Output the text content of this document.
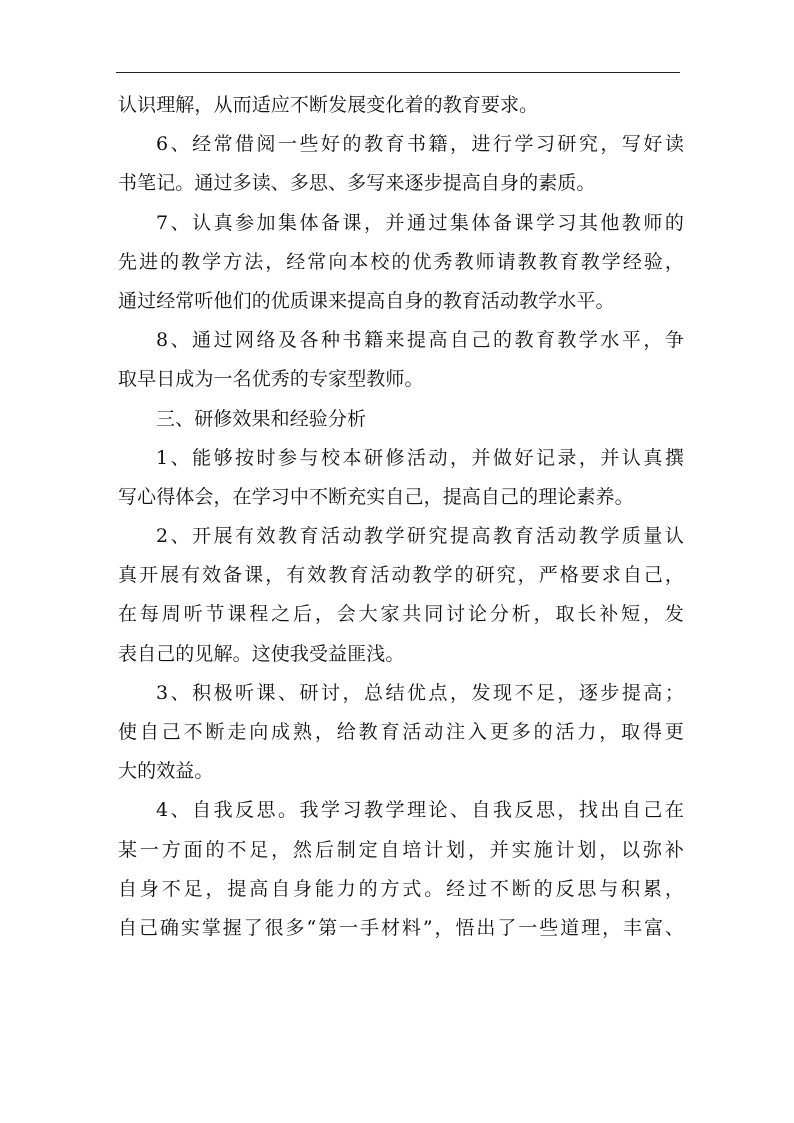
认识理解，从而适应不断发展变化着的教育要求。
6、经常借阅一些好的教育书籍，进行学习研究，写好读
书笔记。通过多读、多思、多写来逐步提高自身的素质。
7、认真参加集体备课，并通过集体备课学习其他教师的
先进的教学方法，经常向本校的优秀教师请教教育教学经验，
通过经常听他们的优质课来提高自身的教育活动教学水平。
8、通过网络及各种书籍来提高自己的教育教学水平，争
取早日成为一名优秀的专家型教师。
三、研修效果和经验分析
1、能够按时参与校本研修活动，并做好记录，并认真撰
写心得体会，在学习中不断充实自己，提高自己的理论素养。
2、开展有效教育活动教学研究提高教育活动教学质量认
真开展有效备课，有效教育活动教学的研究，严格要求自己，
在每周听节课程之后，会大家共同讨论分析，取长补短，发
表自己的见解。这使我受益匪浅。
3、积极听课、研讨，总结优点，发现不足，逐步提高；
使自己不断走向成熟，给教育活动注入更多的活力，取得更
大的效益。
4、自我反思。我学习教学理论、自我反思，找出自己在
某一方面的不足，然后制定自培计划，并实施计划，以弥补
自身不足，提高自身能力的方式。经过不断的反思与积累，
自己确实掌握了很多“第一手材料”，悟出了一些道理，丰富、
